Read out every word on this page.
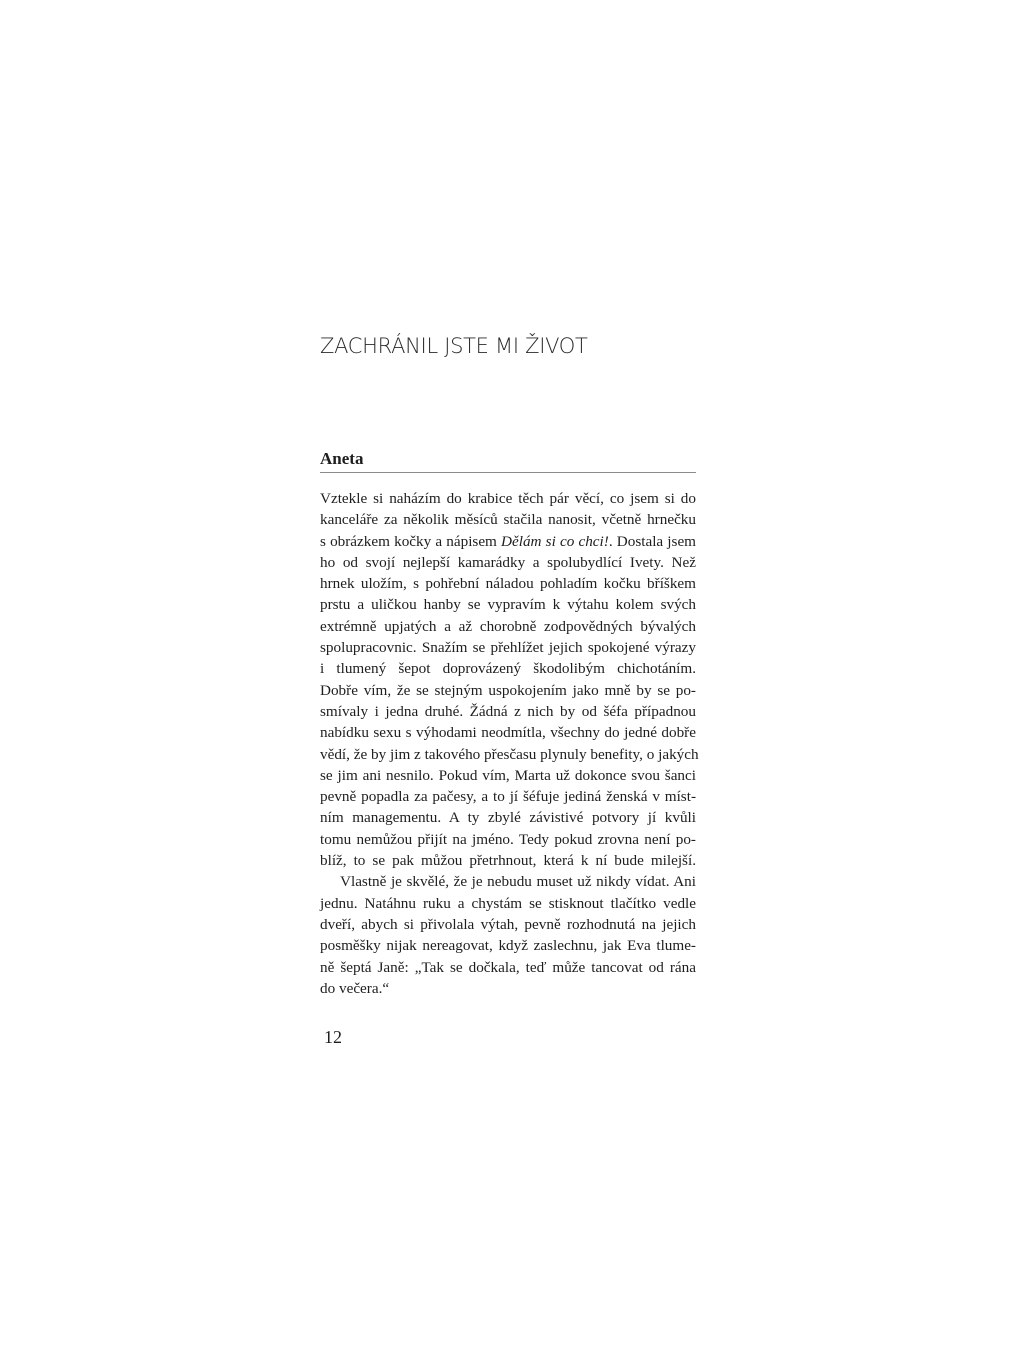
ZACHRÁNIL JSTE MI ŽIVOT
Aneta
Vztekle si naházím do krabice těch pár věcí, co jsem si do
kanceláře za několik měsíců stačila nanosit, včetně hrnečku
s obrázkem kočky a nápisem Dělám si co chci!. Dostala jsem
ho od svojí nejlepší kamarádky a spolubydlící Ivety. Než
hrnek uložím, s pohřební náladou pohladím kočku bříškem
prstu a uličkou hanby se vypravím k výtahu kolem svých
extrémně upjatých a až chorobně zodpovědných bývalých
spolupracovnic. Snažím se přehlížet jejich spokojené výrazy
i tlumený šepot doprovázený škodolibým chichotáním.
Dobře vím, že se stejným uspokojením jako mně by se po-
smívaly i jedna druhé. Žádná z nich by od šéfa případnou
nabídku sexu s výhodami neodmítla, všechny do jedné dobře
vědí, že by jim z takového přesčasu plynuly benefity, o jakých
se jim ani nesnilo. Pokud vím, Marta už dokonce svou šanci
pevně popadla za pačesy, a to jí šéfuje jediná ženská v míst-
ním managementu. A ty zbylé závistivé potvory jí kvůli
tomu nemůžou přijít na jméno. Tedy pokud zrovna není po-
blíž, to se pak můžou přetrhnout, která k ní bude milejší.
Vlastně je skvělé, že je nebudu muset už nikdy vídat. Ani
jednu. Natáhnu ruku a chystám se stisknout tlačítko vedle
dveří, abych si přivolala výtah, pevně rozhodnutá na jejich
posměšky nijak nereagovat, když zaslechnu, jak Eva tlume-
ně šeptá Janě: „Tak se dočkala, teď může tancovat od rána
do večera.“
12
